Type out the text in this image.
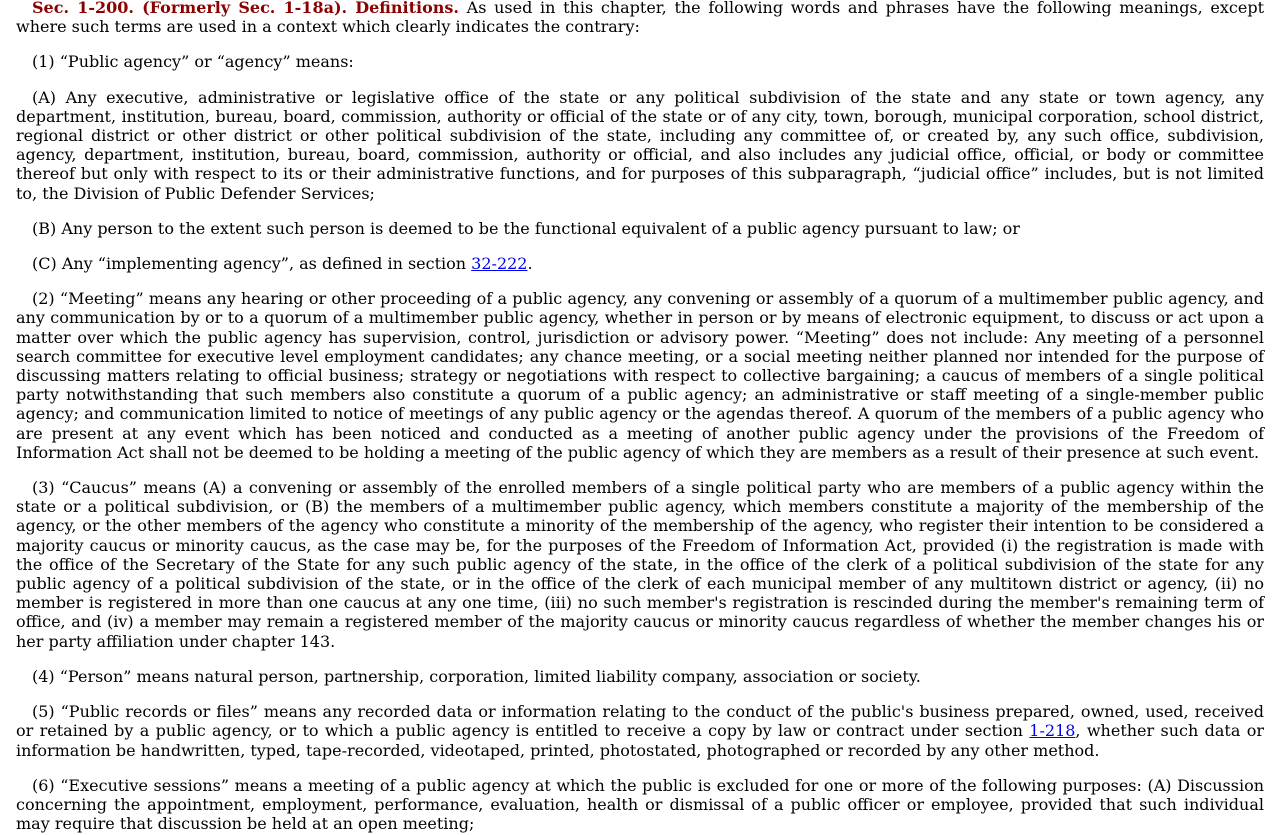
Sec. 1-200. (Formerly Sec. 1-18a). Definitions. As used in this chapter, the following words and phrases have the following meanings, except where such terms are used in a context which clearly indicates the contrary:

(1) “Public agency” or “agency” means:

(A) Any executive, administrative or legislative office of the state or any political subdivision of the state and any state or town agency, any department, institution, bureau, board, commission, authority or official of the state or of any city, town, borough, municipal corporation, school district, regional district or other district or other political subdivision of the state, including any committee of, or created by, any such office, subdivision, agency, department, institution, bureau, board, commission, authority or official, and also includes any judicial office, official, or body or committee thereof but only with respect to its or their administrative functions, and for purposes of this subparagraph, “judicial office” includes, but is not limited to, the Division of Public Defender Services;

(B) Any person to the extent such person is deemed to be the functional equivalent of a public agency pursuant to law; or

(C) Any “implementing agency”, as defined in section 32-222.

(2) “Meeting” means any hearing or other proceeding of a public agency, any convening or assembly of a quorum of a multimember public agency, and any communication by or to a quorum of a multimember public agency, whether in person or by means of electronic equipment, to discuss or act upon a matter over which the public agency has supervision, control, jurisdiction or advisory power. “Meeting” does not include: Any meeting of a personnel search committee for executive level employment candidates; any chance meeting, or a social meeting neither planned nor intended for the purpose of discussing matters relating to official business; strategy or negotiations with respect to collective bargaining; a caucus of members of a single political party notwithstanding that such members also constitute a quorum of a public agency; an administrative or staff meeting of a single-member public agency; and communication limited to notice of meetings of any public agency or the agendas thereof. A quorum of the members of a public agency who are present at any event which has been noticed and conducted as a meeting of another public agency under the provisions of the Freedom of Information Act shall not be deemed to be holding a meeting of the public agency of which they are members as a result of their presence at such event.

(3) “Caucus” means (A) a convening or assembly of the enrolled members of a single political party who are members of a public agency within the state or a political subdivision, or (B) the members of a multimember public agency, which members constitute a majority of the membership of the agency, or the other members of the agency who constitute a minority of the membership of the agency, who register their intention to be considered a majority caucus or minority caucus, as the case may be, for the purposes of the Freedom of Information Act, provided (i) the registration is made with the office of the Secretary of the State for any such public agency of the state, in the office of the clerk of a political subdivision of the state for any public agency of a political subdivision of the state, or in the office of the clerk of each municipal member of any multitown district or agency, (ii) no member is registered in more than one caucus at any one time, (iii) no such member's registration is rescinded during the member's remaining term of office, and (iv) a member may remain a registered member of the majority caucus or minority caucus regardless of whether the member changes his or her party affiliation under chapter 143.

(4) “Person” means natural person, partnership, corporation, limited liability company, association or society.

(5) “Public records or files” means any recorded data or information relating to the conduct of the public's business prepared, owned, used, received or retained by a public agency, or to which a public agency is entitled to receive a copy by law or contract under section 1-218, whether such data or information be handwritten, typed, tape-recorded, videotaped, printed, photostated, photographed or recorded by any other method.

(6) “Executive sessions” means a meeting of a public agency at which the public is excluded for one or more of the following purposes: (A) Discussion concerning the appointment, employment, performance, evaluation, health or dismissal of a public officer or employee, provided that such individual may require that discussion be held at an open meeting;
